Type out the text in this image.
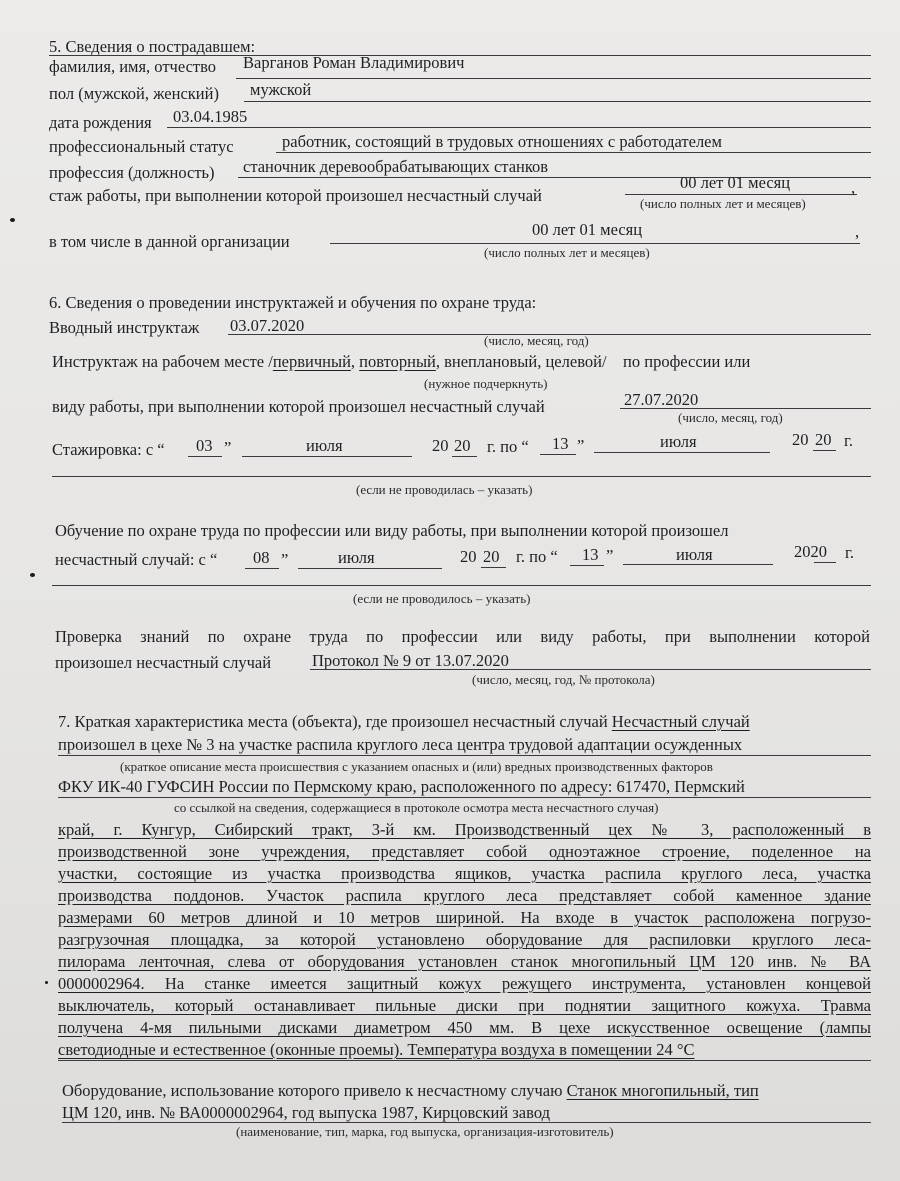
5. Сведения о пострадавшем:
фамилия, имя, отчество Варганов Роман Владимирович
пол (мужской, женский) мужской
дата рождения 03.04.1985
профессиональный статус	работник, состоящий в трудовых отношениях с работодателем
профессия (должность) станочник деревообрабатывающих станков
стаж работы, при выполнении которой произошел несчастный случай
00 лет 01 месяц	,
(число полных лет и месяцев)
в том числе в данной организации
00 лет 01 месяц	,
(число полных лет и месяцев)
6. Сведения о проведении инструктажей и обучения по охране труда:
Вводный инструктаж 03.07.2020
(число, месяц, год)
Инструктаж на рабочем месте /первичный, повторный, внеплановый, целевой/ по профессии или
(нужное подчеркнуть)
виду работы, при выполнении которой произошел несчастный случай	27.07.2020
(число, месяц, год)
Стажировка: с “ 03 ”	июля	20 20 г. по “ 13 ”	июля	20 20 г.
(если не проводилась – указать)
Обучение по охране труда по профессии или виду работы, при выполнении которой произошел
несчастный случай: с “ 08 ”	июля	20 20 г. по “ 13 ”	июля	2020 г.
(если не проводилось – указать)
Проверка знаний по охране труда по профессии или виду работы, при выполнении которой
произошел несчастный случай Протокол № 9 от 13.07.2020
(число, месяц, год, № протокола)
7. Краткая характеристика места (объекта), где произошел несчастный случай Несчастный случай
произошел в цехе № 3 на участке распила круглого леса центра трудовой адаптации осужденных
(краткое описание места происшествия с указанием опасных и (или) вредных производственных факторов
ФКУ ИК-40 ГУФСИН России по Пермскому краю, расположенного по адресу: 617470, Пермский
со ссылкой на сведения, содержащиеся в протоколе осмотра места несчастного случая)
край, г. Кунгур, Сибирский тракт, 3-й км. Производственный цех № 3, расположенный в
производственной зоне учреждения, представляет собой одноэтажное строение, поделенное на
участки, состоящие из участка производства ящиков, участка распила круглого леса, участка
производства поддонов. Участок распила круглого леса представляет собой каменное здание
размерами 60 метров длиной и 10 метров шириной. На входе в участок расположена погрузо-
разгрузочная площадка, за которой установлено оборудование для распиловки круглого леса-
пилорама ленточная, слева от оборудования установлен станок многопильный ЦМ 120 инв. № ВА
0000002964. На станке имеется защитный кожух режущего инструмента, установлен концевой
выключатель, который останавливает пильные диски при поднятии защитного кожуха. Травма
получена 4-мя пильными дисками диаметром 450 мм. В цехе искусственное освещение (лампы
светодиодные и естественное (оконные проемы). Температура воздуха в помещении 24 °С
Оборудование, использование которого привело к несчастному случаю Станок многопильный, тип
ЦМ 120, инв. № ВА0000002964, год выпуска 1987, Кирцовский завод
(наименование, тип, марка, год выпуска, организация-изготовитель)
